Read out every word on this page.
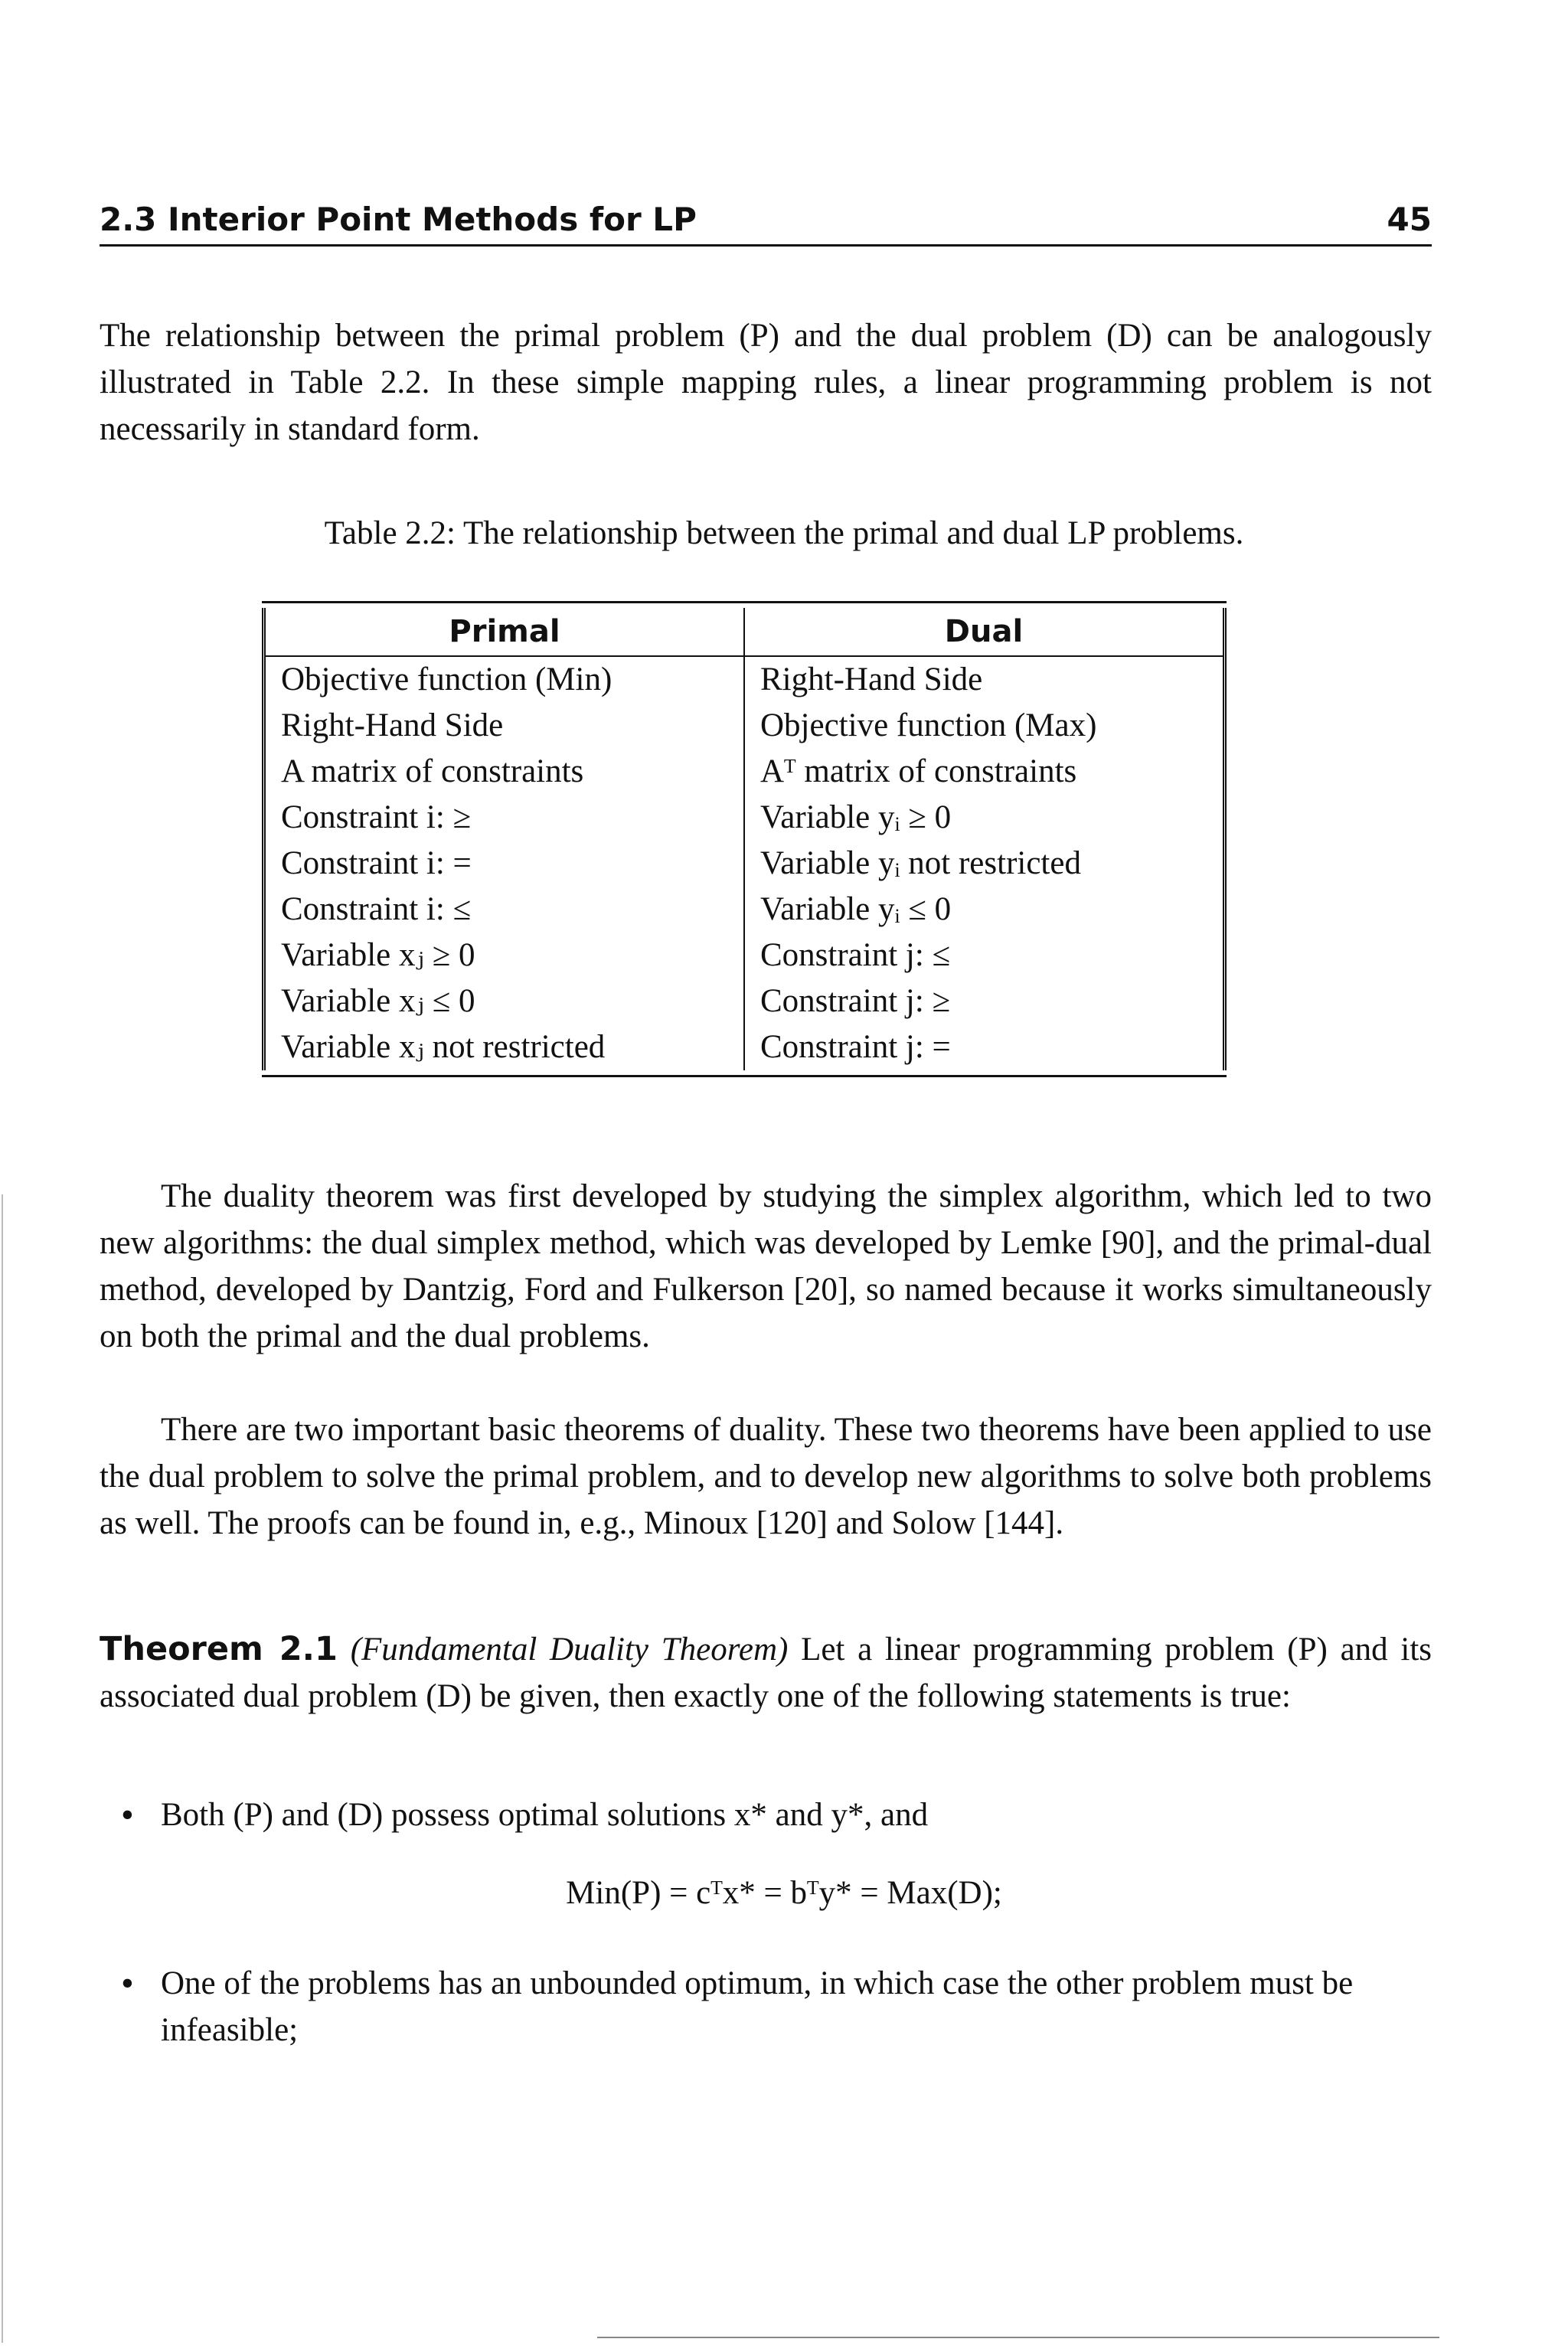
2.3 Interior Point Methods for LP	45
The relationship between the primal problem (P) and the dual problem (D) can be analogously illustrated in Table 2.2. In these simple mapping rules, a linear programming problem is not necessarily in standard form.
Table 2.2: The relationship between the primal and dual LP problems.
Primal	Dual
Objective function (Min)	Right-Hand Side
Right-Hand Side	Objective function (Max)
A matrix of constraints	Aᵀ matrix of constraints
Constraint i: ≥	Variable yᵢ ≥ 0
Constraint i: =	Variable yᵢ not restricted
Constraint i: ≤	Variable yᵢ ≤ 0
Variable xⱼ ≥ 0	Constraint j: ≤
Variable xⱼ ≤ 0	Constraint j: ≥
Variable xⱼ not restricted	Constraint j: =
The duality theorem was first developed by studying the simplex algorithm, which led to two new algorithms: the dual simplex method, which was developed by Lemke [90], and the primal-dual method, developed by Dantzig, Ford and Fulkerson [20], so named because it works simultaneously on both the primal and the dual problems.
There are two important basic theorems of duality. These two theorems have been applied to use the dual problem to solve the primal problem, and to develop new algorithms to solve both problems as well. The proofs can be found in, e.g., Minoux [120] and Solow [144].
Theorem 2.1 (Fundamental Duality Theorem) Let a linear programming problem (P) and its associated dual problem (D) be given, then exactly one of the following statements is true:
• Both (P) and (D) possess optimal solutions x* and y*, and
Min(P) = cᵀx* = bᵀy* = Max(D);
• One of the problems has an unbounded optimum, in which case the other problem must be infeasible;
